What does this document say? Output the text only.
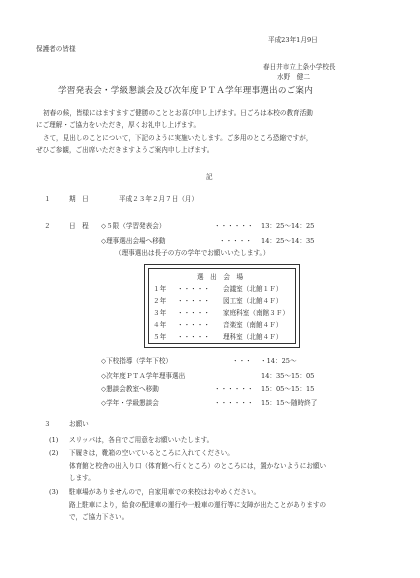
平成23年1月9日
保護者の皆様
春日井市立上条小学校長
水野　健二
学習発表会・学級懇談会及び次年度ＰＴＡ学年理事選出のご案内
初春の候，皆様にはますますご健勝のこととお喜び申し上げます。日ごろは本校の教育活動
にご理解・ご協力をいただき，厚くお礼申し上げます。
さて，見出しのことについて，下記のように実施いたします。ご多用のところ恐縮ですが，
ぜひご参観，ご出席いただきますようご案内申し上げます。
記
１	期　日	平成２３年２月７日（月）
２	日　程 ◇５限（学習発表会）	・・・・・・ 13：25～14：25
◇理事選出会場へ移動	・・・・・ 14：25～14：35
（理事選出は長子の方の学年でお願いいたします。）
選　出　会　場
１年 ・・・・・ 会議室（北館１Ｆ）
２年 ・・・・・ 図工室（北館４Ｆ）
３年 ・・・・・ 家庭科室（南館３Ｆ）
４年 ・・・・・ 音楽室（南館４Ｆ）
５年 ・・・・・ 理科室（北館４Ｆ）
◇下校指導（学年下校）	・・・ ・14：25～
◇次年度ＰＴＡ学年理事選出	14：35～15：05
◇懇談会教室へ移動	・・・・・・ 15：05～15：15
◇学年・学級懇談会	・・・・・・ 15：15～随時終了
３	お願い
(1) スリッパは，各自でご用意をお願いいたします。
(2) 下履きは，靴箱の空いているところに入れてください。
体育館と校舎の出入り口（体育館へ行くところ）のところには，置かないようにお願い
します。
(3) 駐車場がありませんので，自家用車での来校はおやめください。
路上駐車により，給食の配達車の運行や一般車の運行等に支障が出たことがありますの
で，ご協力下さい。
